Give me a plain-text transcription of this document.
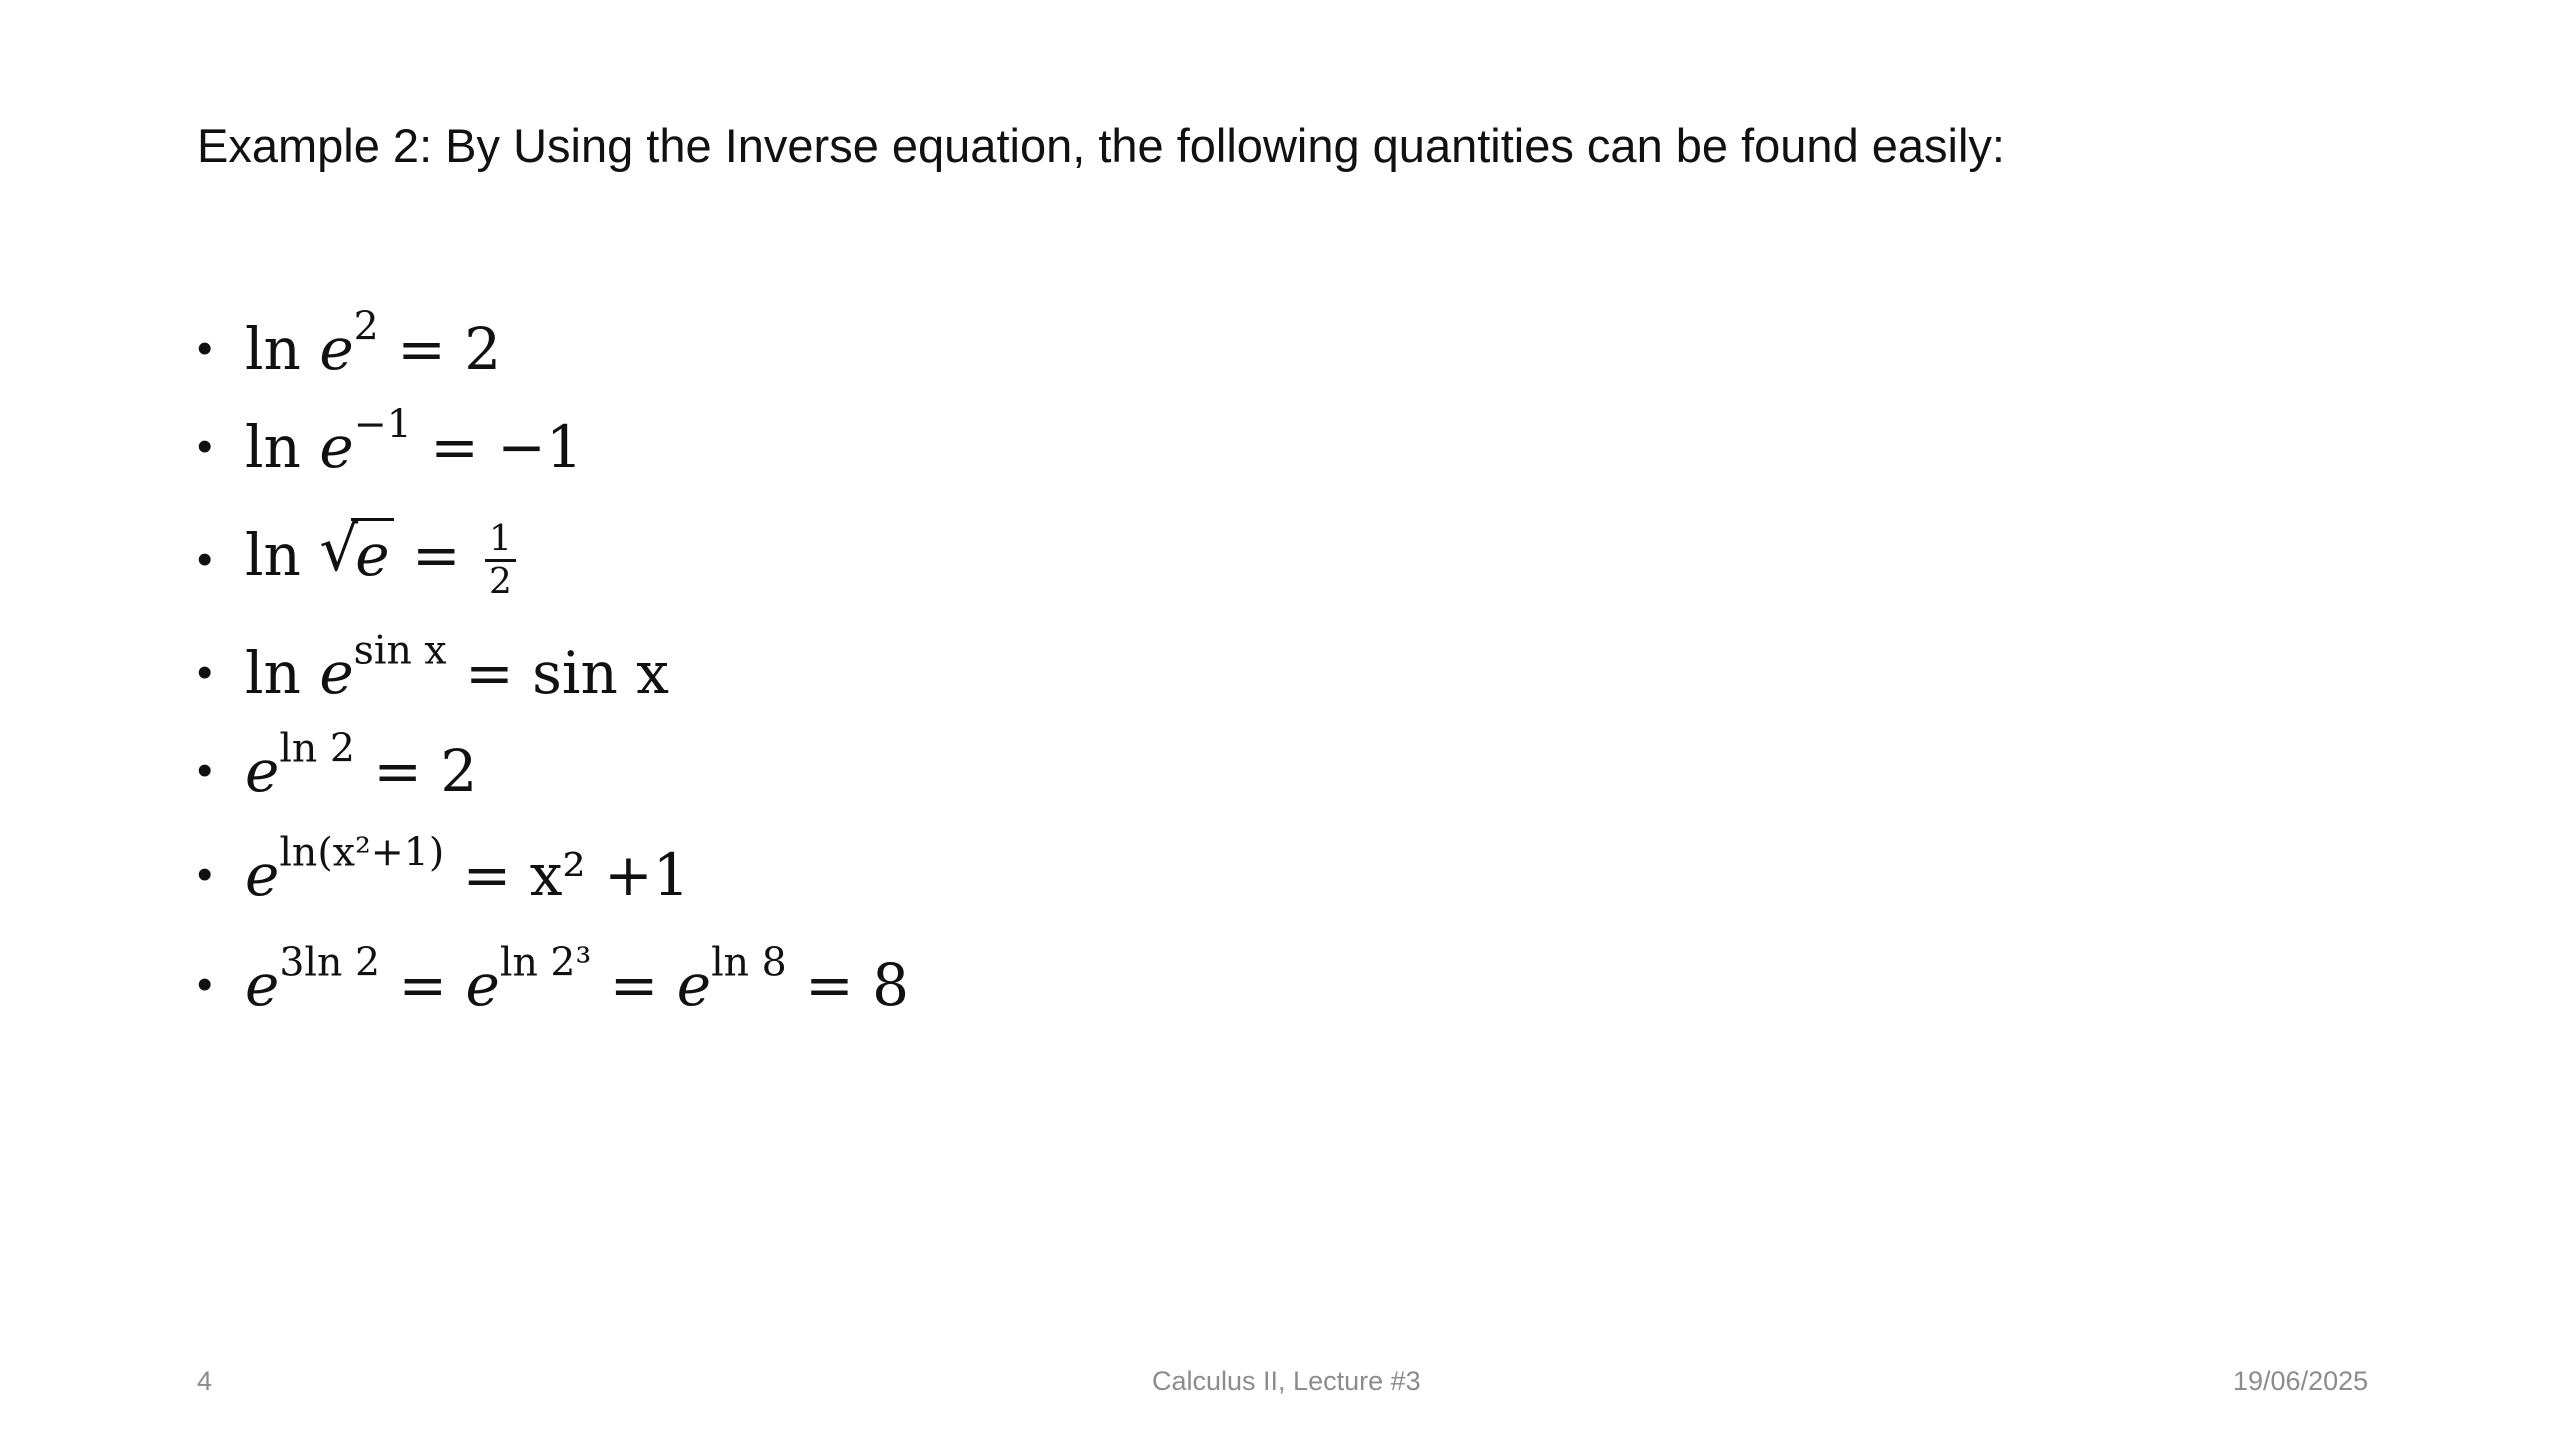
Example 2: By Using the Inverse equation, the following quantities can be found easily:
• $\ln e^2 = 2$
• $\ln e^{-1} = -1$
• ln √
$e = \frac{1}{2}$
• $\ln e^{sin x} = \sin x$
• $e^{ln 2} = 2$
• $e^{ln(x^2+1)} = x^2 +1$
• $e^{3ln 2} = e^{ln 2^3} = e^{ln 8} = 8$
4	Calculus II, Lecture #3	19/06/2025
